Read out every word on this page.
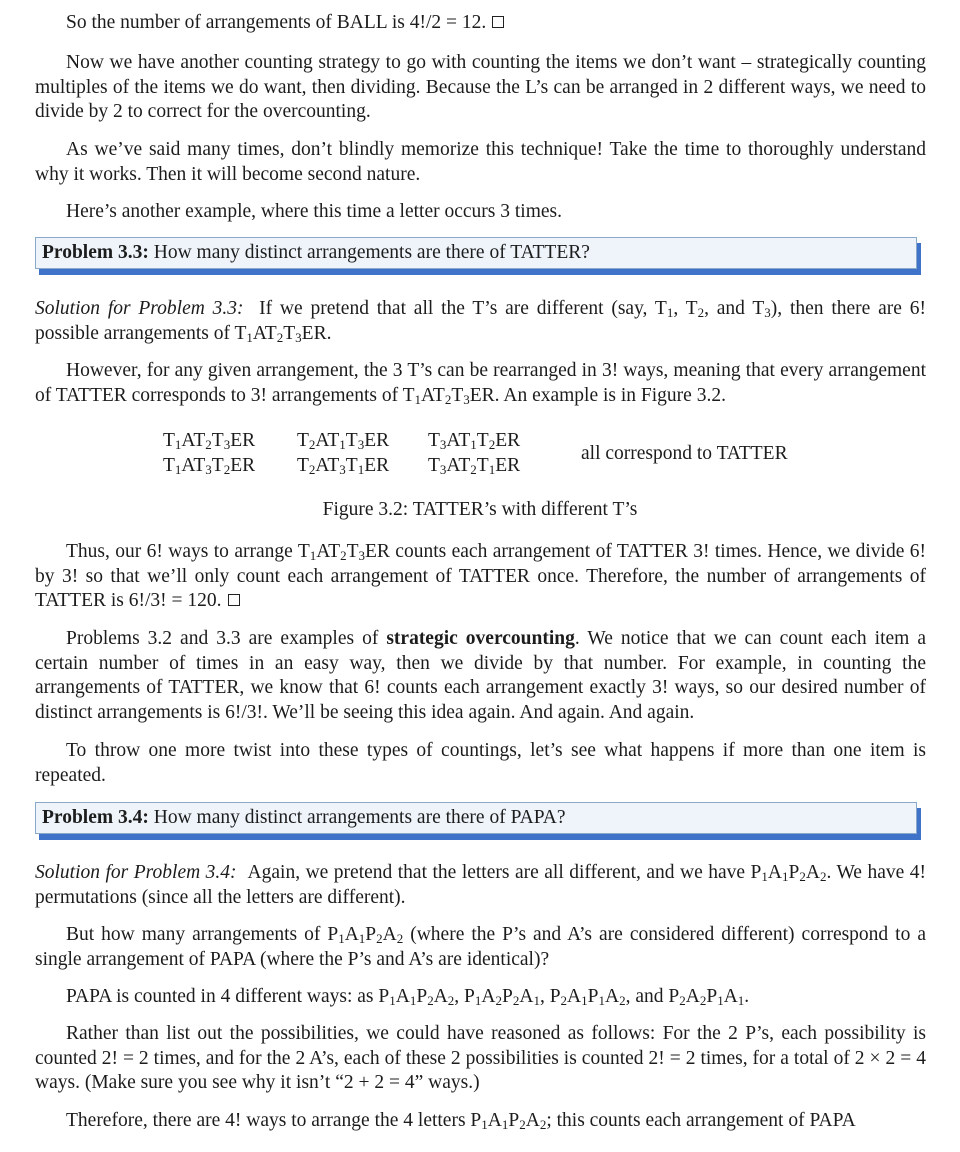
So the number of arrangements of BALL is 4!/2 = 12.

Now we have another counting strategy to go with counting the items we don’t want – strategically counting multiples of the items we do want, then dividing. Because the L’s can be arranged in 2 different ways, we need to divide by 2 to correct for the overcounting.

As we’ve said many times, don’t blindly memorize this technique! Take the time to thoroughly understand why it works. Then it will become second nature.

Here’s another example, where this time a letter occurs 3 times.

Problem 3.3: How many distinct arrangements are there of TATTER?

Solution for Problem 3.3: If we pretend that all the T’s are different (say, $T_1$, $T_2$, and $T_3$), then there are 6! possible arrangements of $T_1AT_2T_3ER$.

However, for any given arrangement, the 3 T’s can be rearranged in 3! ways, meaning that every arrangement of TATTER corresponds to 3! arrangements of $T_1AT_2T_3ER$. An example is in Figure 3.2.

$T_1AT_2T_3ER$ $T_2AT_1T_3ER$ $T_3AT_1T_2ER$
$T_1AT_3T_2ER$ $T_2AT_3T_1ER$ $T_3AT_2T_1ER$
all correspond to TATTER
Figure 3.2: TATTER’s with different T’s

Thus, our 6! ways to arrange $T_1AT_2T_3ER$ counts each arrangement of TATTER 3! times. Hence, we divide 6! by 3! so that we’ll only count each arrangement of TATTER once. Therefore, the number of arrangements of TATTER is 6!/3! = 120.

Problems 3.2 and 3.3 are examples of strategic overcounting. We notice that we can count each item a certain number of times in an easy way, then we divide by that number. For example, in counting the arrangements of TATTER, we know that 6! counts each arrangement exactly 3! ways, so our desired number of distinct arrangements is 6!/3!. We’ll be seeing this idea again. And again. And again.

To throw one more twist into these types of countings, let’s see what happens if more than one item is repeated.

Problem 3.4: How many distinct arrangements are there of PAPA?

Solution for Problem 3.4: Again, we pretend that the letters are all different, and we have $P_1A_1P_2A_2$. We have 4! permutations (since all the letters are different).

But how many arrangements of $P_1A_1P_2A_2$ (where the P’s and A’s are considered different) correspond to a single arrangement of PAPA (where the P’s and A’s are identical)?

PAPA is counted in 4 different ways: as $P_1A_1P_2A_2$, $P_1A_2P_2A_1$, $P_2A_1P_1A_2$, and $P_2A_2P_1A_1$.

Rather than list out the possibilities, we could have reasoned as follows: For the 2 P’s, each possibility is counted 2! = 2 times, and for the 2 A’s, each of these 2 possibilities is counted 2! = 2 times, for a total of 2 × 2 = 4 ways. (Make sure you see why it isn’t “2 + 2 = 4” ways.)

Therefore, there are 4! ways to arrange the 4 letters $P_1A_1P_2A_2$; this counts each arrangement of PAPA
